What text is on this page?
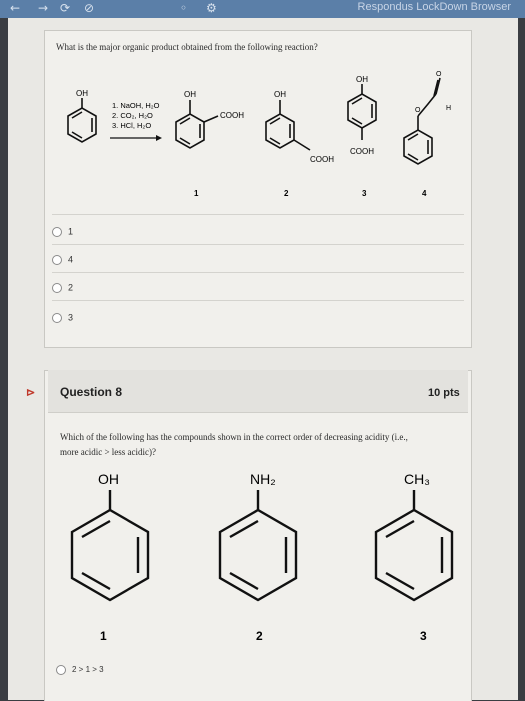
← → ⟳ ⊘	◦ ⚙	Respondus LockDown Browser
What is the major organic product obtained from the following reaction?
OH
1. NaOH, H₂O
2. CO₂, H₂O
3. HCl, H₂O
OH
COOH
OH
COOH
OH
COOH
O
O
H
1	2	3	4
1
4
2
3
⊳ Question 8	10 pts
Which of the following has the compounds shown in the correct order of decreasing acidity (i.e.,
more acidic > less acidic)?
OH	NH₂	CH₃
1	2	3
2 > 1 > 3
